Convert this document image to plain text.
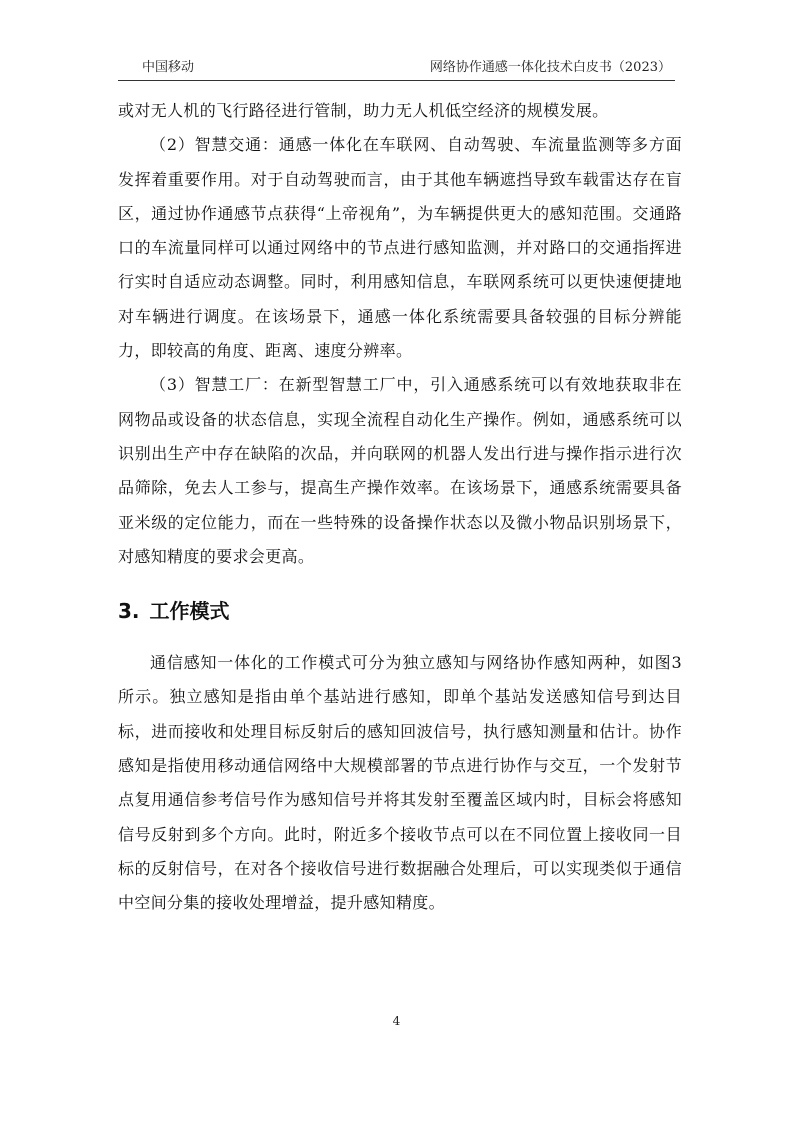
中国移动	网络协作通感一体化技术白皮书（2023）

或对无人机的飞行路径进行管制，助力无人机低空经济的规模发展。

（2）智慧交通：通感一体化在车联网、自动驾驶、车流量监测等多方面发挥着重要作用。对于自动驾驶而言，由于其他车辆遮挡导致车载雷达存在盲区，通过协作通感节点获得“上帝视角”，为车辆提供更大的感知范围。交通路口的车流量同样可以通过网络中的节点进行感知监测，并对路口的交通指挥进行实时自适应动态调整。同时，利用感知信息，车联网系统可以更快速便捷地对车辆进行调度。在该场景下，通感一体化系统需要具备较强的目标分辨能力，即较高的角度、距离、速度分辨率。

（3）智慧工厂：在新型智慧工厂中，引入通感系统可以有效地获取非在网物品或设备的状态信息，实现全流程自动化生产操作。例如，通感系统可以识别出生产中存在缺陷的次品，并向联网的机器人发出行进与操作指示进行次品筛除，免去人工参与，提高生产操作效率。在该场景下，通感系统需要具备亚米级的定位能力，而在一些特殊的设备操作状态以及微小物品识别场景下，对感知精度的要求会更高。

3. 工作模式

通信感知一体化的工作模式可分为独立感知与网络协作感知两种，如图3所示。独立感知是指由单个基站进行感知，即单个基站发送感知信号到达目标，进而接收和处理目标反射后的感知回波信号，执行感知测量和估计。协作感知是指使用移动通信网络中大规模部署的节点进行协作与交互，一个发射节点复用通信参考信号作为感知信号并将其发射至覆盖区域内时，目标会将感知信号反射到多个方向。此时，附近多个接收节点可以在不同位置上接收同一目标的反射信号，在对各个接收信号进行数据融合处理后，可以实现类似于通信中空间分集的接收处理增益，提升感知精度。

4
